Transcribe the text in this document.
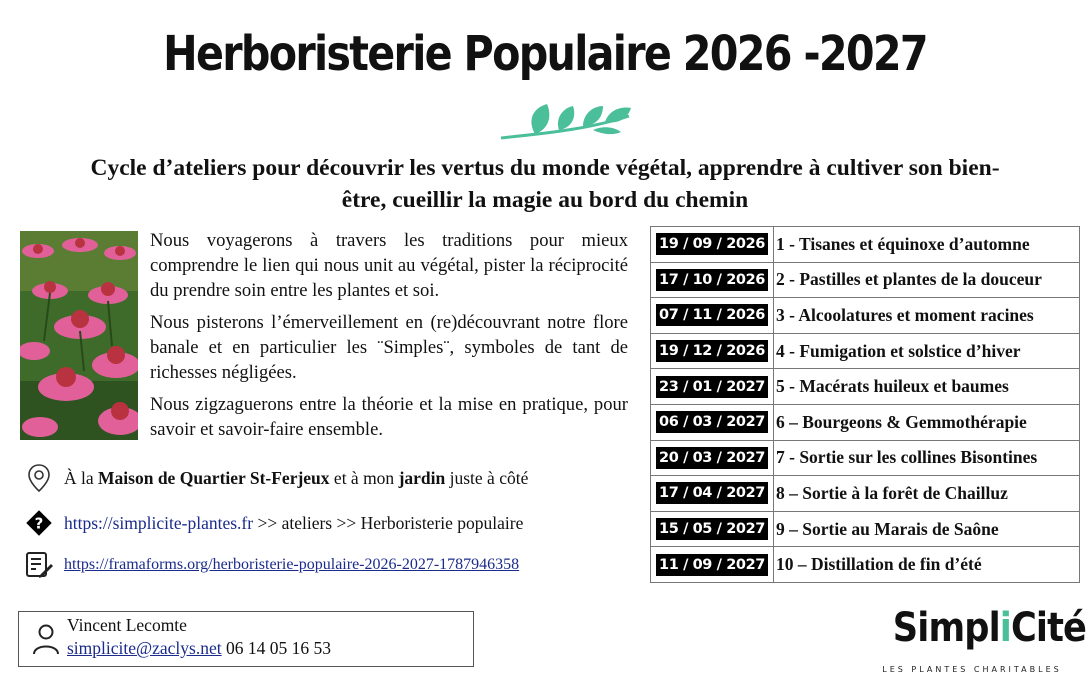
Herboristerie Populaire 2026 -2027
Cycle d’ateliers pour découvrir les vertus du monde végétal, apprendre à cultiver son bien-
être, cueillir la magie au bord du chemin

Nous voyagerons à travers les traditions pour mieux comprendre le lien qui nous unit au végétal, pister la réciprocité du prendre soin entre les plantes et soi.

Nous pisterons l’émerveillement en (re)découvrant notre flore banale et en particulier les ¨Simples¨, symboles de tant de richesses négligées.

Nous zigzaguerons entre la théorie et la mise en pratique, pour savoir et savoir-faire ensemble.

À la Maison de Quartier St-Ferjeux et à mon jardin juste à côté
? https://simplicite-plantes.fr >> ateliers >> Herboristerie populaire
https://framaforms.org/herboristerie-populaire-2026-2027-1787946358
Vincent Lecomte
simplicite@zaclys.net 06 14 05 16 53
19 / 09 / 2026	1 - Tisanes et équinoxe d’automne
17 / 10 / 2026	2 - Pastilles et plantes de la douceur
07 / 11 / 2026	3 - Alcoolatures et moment racines
19 / 12 / 2026	4 - Fumigation et solstice d’hiver
23 / 01 / 2027	5 - Macérats huileux et baumes
06 / 03 / 2027	6 – Bourgeons & Gemmothérapie
20 / 03 / 2027	7 - Sortie sur les collines Bisontines
17 / 04 / 2027	8 – Sortie à la forêt de Chailluz
15 / 05 / 2027	9 – Sortie au Marais de Saône
11 / 09 / 2027	10 – Distillation de fin d’été
SimpliCité
LES PLANTES CHARITABLES
